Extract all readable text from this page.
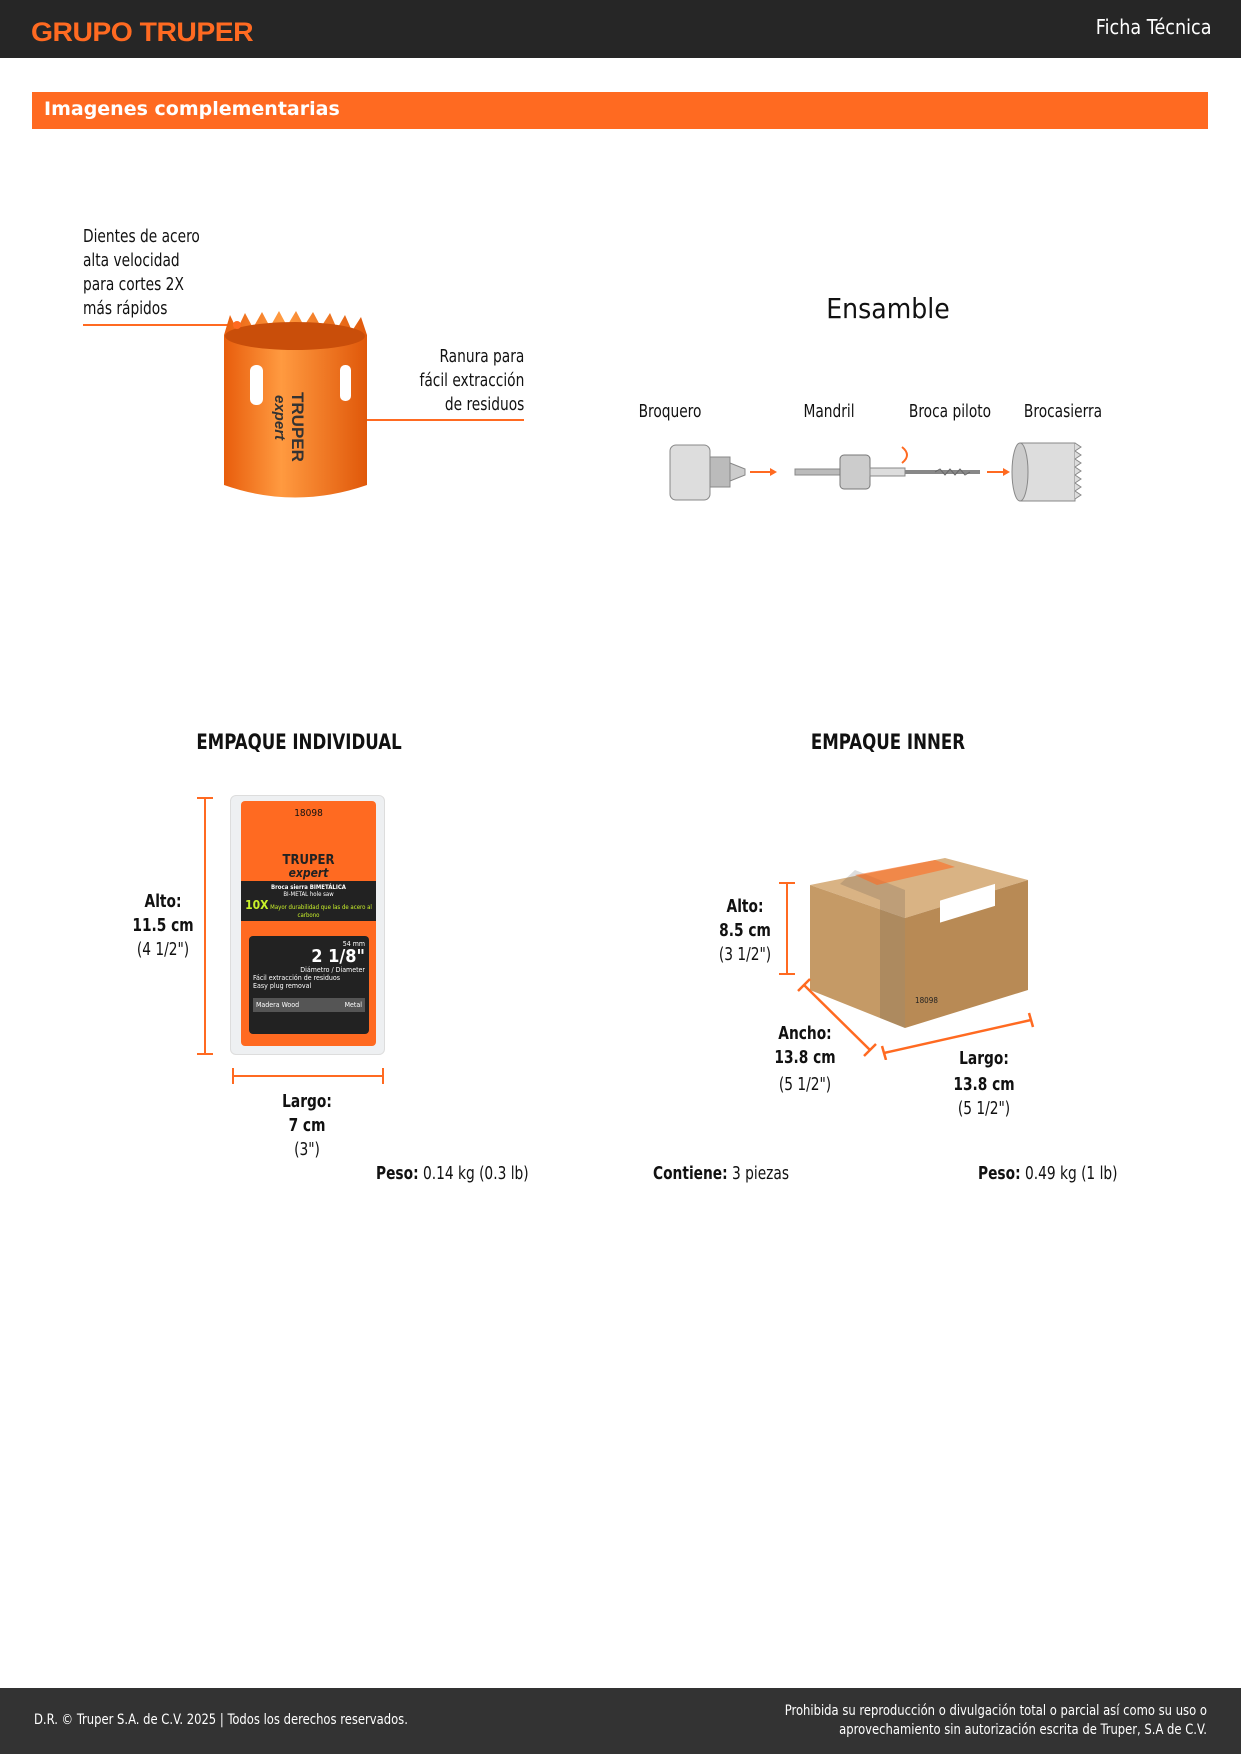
GRUPO TRUPER	Ficha Técnica
Imagenes complementarias
Dientes de acero
alta velocidad
para cortes 2X
más rápidos
Ranura para
fácil extracción
de residuos
TRUPER
expert
Ensamble
Broquero	Mandril	Broca piloto	Brocasierra
EMPAQUE INDIVIDUAL
Alto:
11.5 cm
(4 1/2")
18098
TRUPER
expert
Broca sierra BIMETÁLICA
BI-METAL hole saw
10X Mayor durabilidad que las de acero al carbono
54 mm
2 1/8"
Diámetro / Diameter
Fácil extracción de residuos
Easy plug removal
Madera Wood	Metal
Largo:
7 cm
(3")
Peso: 0.14 kg (0.3 lb)
EMPAQUE INNER
Alto:
8.5 cm
(3 1/2")
18098
Ancho:
13.8 cm
(5 1/2")
Largo:
13.8 cm
(5 1/2")
Contiene: 3 piezas	Peso: 0.49 kg (1 lb)
D.R. © Truper S.A. de C.V. 2025 | Todos los derechos reservados.
Prohibida su reproducción o divulgación total o parcial así como su uso o
aprovechamiento sin autorización escrita de Truper, S.A de C.V.
